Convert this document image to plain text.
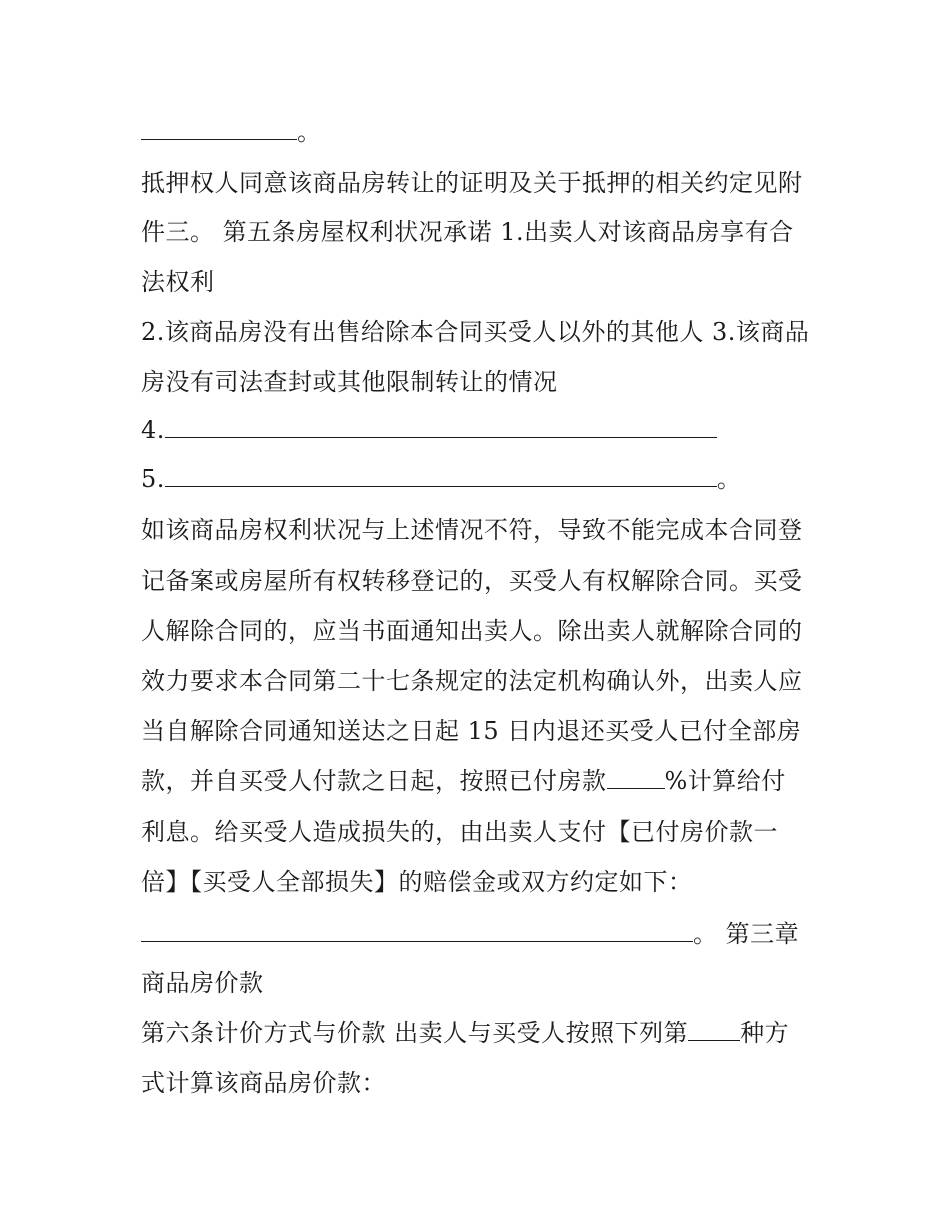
。
抵押权人同意该商品房转让的证明及关于抵押的相关约定见附
件三。 第五条房屋权利状况承诺 1.出卖人对该商品房享有合
法权利
2.该商品房没有出售给除本合同买受人以外的其他人 3.该商品
房没有司法查封或其他限制转让的情况
4.
5.	。
如该商品房权利状况与上述情况不符，导致不能完成本合同登
记备案或房屋所有权转移登记的，买受人有权解除合同。买受
人解除合同的，应当书面通知出卖人。除出卖人就解除合同的
效力要求本合同第二十七条规定的法定机构确认外，出卖人应
当自解除合同通知送达之日起 15 日内退还买受人已付全部房
款，并自买受人付款之日起，按照已付房款 %计算给付
利息。给买受人造成损失的，由出卖人支付【已付房价款一
倍】【买受人全部损失】的赔偿金或双方约定如下：
。 第三章
商品房价款
第六条计价方式与价款 出卖人与买受人按照下列第 种方
式计算该商品房价款：
